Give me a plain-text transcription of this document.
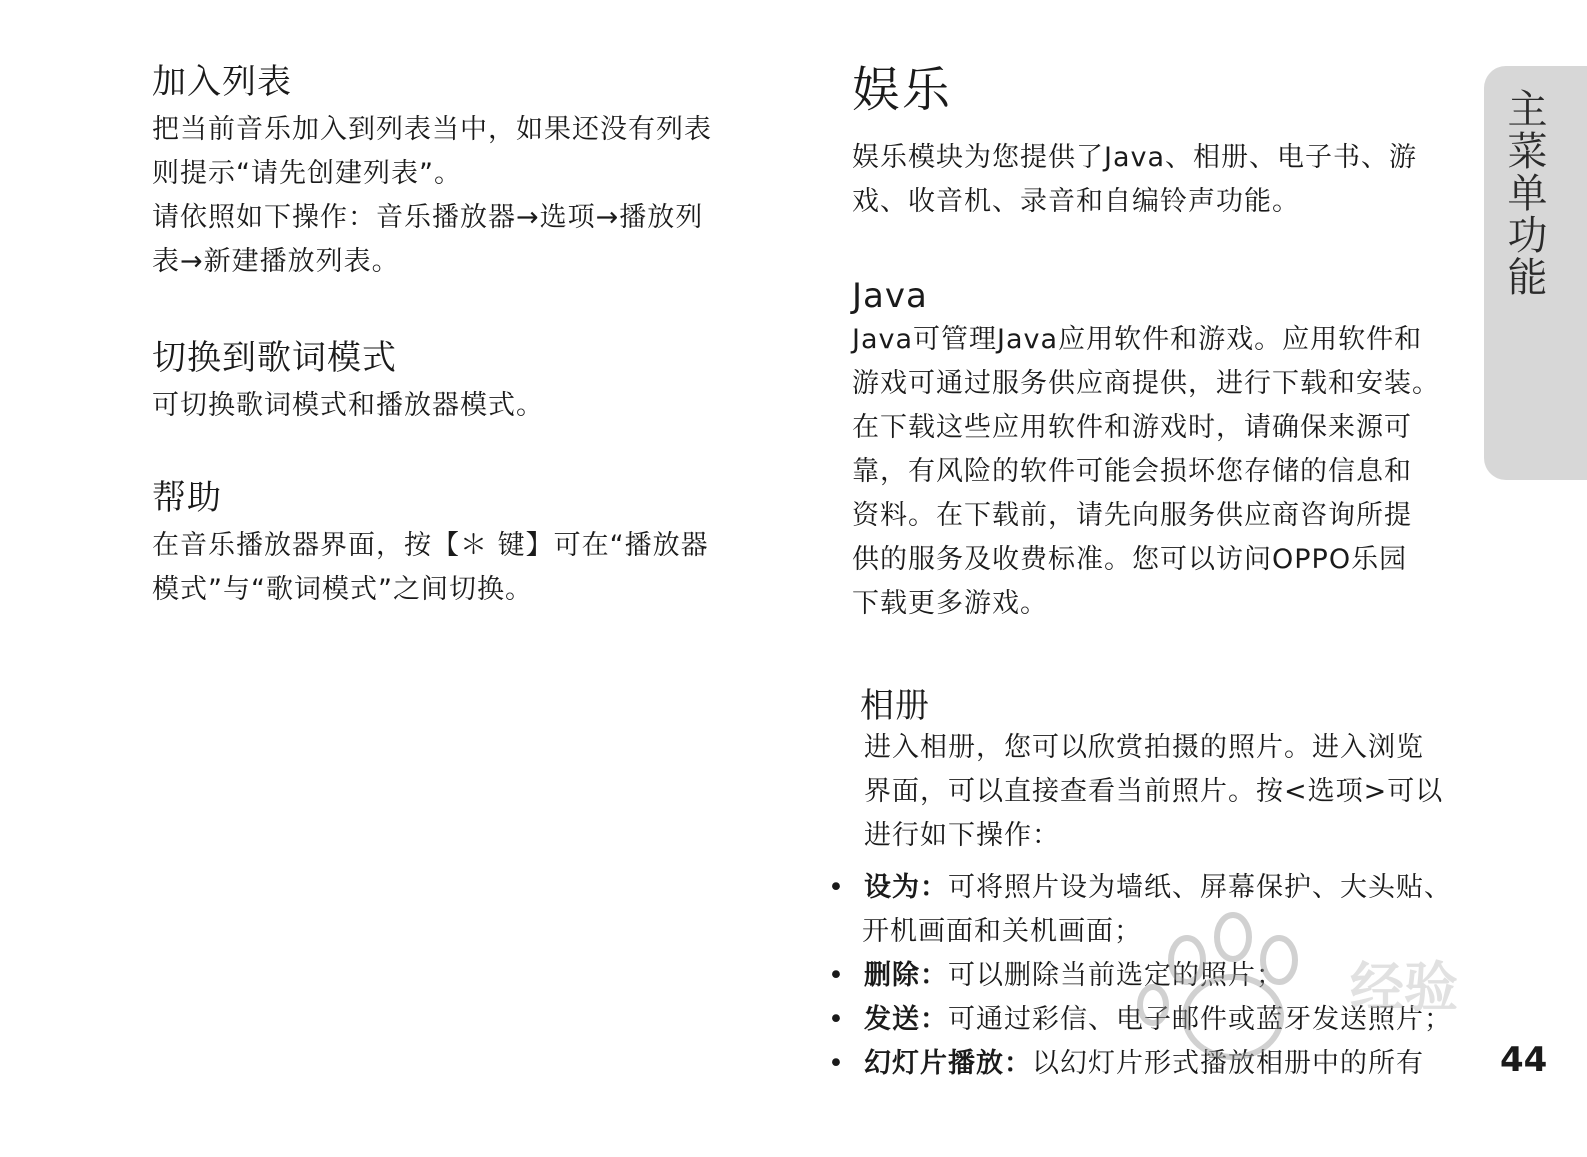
加入列表

把当前音乐加入到列表当中，如果还没有列表
则提示“请先创建列表”。
请依照如下操作：音乐播放器→选项→播放列
表→新建播放列表。

切换到歌词模式

可切换歌词模式和播放器模式。

帮助

在音乐播放器界面，按【＊ 键】可在“播放器
模式”与“歌词模式”之间切换。

娱乐

娱乐模块为您提供了Java、相册、电子书、游
戏、收音机、录音和自编铃声功能。

Java

Java可管理Java应用软件和游戏。应用软件和
游戏可通过服务供应商提供，进行下载和安装。
在下载这些应用软件和游戏时，请确保来源可
靠，有风险的软件可能会损坏您存储的信息和
资料。在下载前，请先向服务供应商咨询所提
供的服务及收费标准。您可以访问OPPO乐园
下载更多游戏。

相册

进入相册，您可以欣赏拍摄的照片。进入浏览
界面，可以直接查看当前照片。按<选项>可以
进行如下操作：

• 设为：可将照片设为墙纸、屏幕保护、大头贴、
开机画面和关机画面；
• 删除：可以删除当前选定的照片；
• 发送：可通过彩信、电子邮件或蓝牙发送照片；
• 幻灯片播放：以幻灯片形式播放相册中的所有
主菜单功能
44
经验
